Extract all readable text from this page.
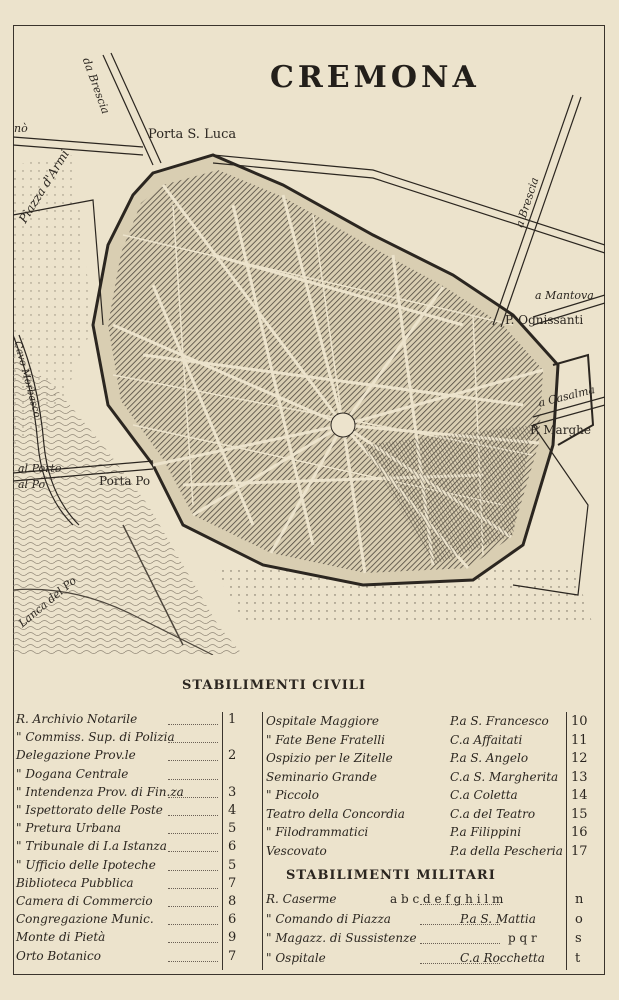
CREMONA
da Brescia
Porta S. Luca
nò
Piazza d'Armi	a Brescia
a Mantova
P. Ognissanti
a Casalma
P. Marghe
Cavo Morbasco
al Porto
al Po	Porta Po
Lanca del Po
STABILIMENTI CIVILI
R. Archivio Notarile	1
" Commiss. Sup. di Polizia
Delegazione Prov.le	2
" Dogana Centrale
" Intendenza Prov. di Fin.za	3
" Ispettorato delle Poste	4
" Pretura Urbana	5
" Tribunale di I.a Istanza	6
" Ufficio delle Ipoteche	5
Biblioteca Pubblica	7
Camera di Commercio	8
Congregazione Munic.	6
Monte di Pietà	9
Orto Botanico	7
Ospitale Maggiore	P.a S. Francesco 10
" Fate Bene Fratelli	C.a Affaitati	11
Ospizio per le Zitelle	P.a S. Angelo	12
Seminario Grande	C.a S. Margherita 13
" Piccolo	C.a Coletta	14
Teatro della Concordia	C.a del Teatro	15
" Filodrammatici	P.a Filippini	16
Vescovato	P.a della Pescheria 17
STABILIMENTI MILITARI
R. Caserme	a b c d e f g h i l m	n
" Comando di Piazza	P.a S. Mattia	o
" Magazz. di Sussistenze	p q r	s
" Ospitale	C.a Rocchetta t
